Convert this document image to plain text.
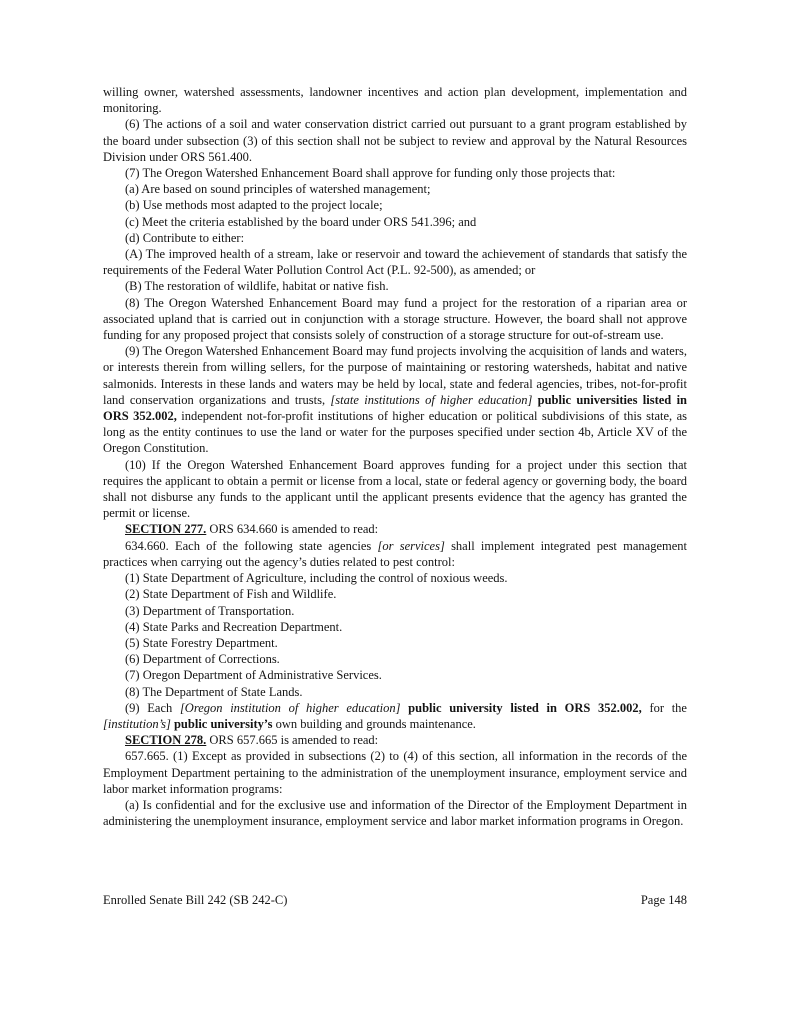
willing owner, watershed assessments, landowner incentives and action plan development, implementation and monitoring.

(6) The actions of a soil and water conservation district carried out pursuant to a grant program established by the board under subsection (3) of this section shall not be subject to review and approval by the Natural Resources Division under ORS 561.400.

(7) The Oregon Watershed Enhancement Board shall approve for funding only those projects that:

(a) Are based on sound principles of watershed management;

(b) Use methods most adapted to the project locale;

(c) Meet the criteria established by the board under ORS 541.396; and

(d) Contribute to either:

(A) The improved health of a stream, lake or reservoir and toward the achievement of standards that satisfy the requirements of the Federal Water Pollution Control Act (P.L. 92-500), as amended; or

(B) The restoration of wildlife, habitat or native fish.

(8) The Oregon Watershed Enhancement Board may fund a project for the restoration of a riparian area or associated upland that is carried out in conjunction with a storage structure. However, the board shall not approve funding for any proposed project that consists solely of construction of a storage structure for out-of-stream use.

(9) The Oregon Watershed Enhancement Board may fund projects involving the acquisition of lands and waters, or interests therein from willing sellers, for the purpose of maintaining or restoring watersheds, habitat and native salmonids. Interests in these lands and waters may be held by local, state and federal agencies, tribes, not-for-profit land conservation organizations and trusts, [state institutions of higher education] public universities listed in ORS 352.002, independent not-for-profit institutions of higher education or political subdivisions of this state, as long as the entity continues to use the land or water for the purposes specified under section 4b, Article XV of the Oregon Constitution.

(10) If the Oregon Watershed Enhancement Board approves funding for a project under this section that requires the applicant to obtain a permit or license from a local, state or federal agency or governing body, the board shall not disburse any funds to the applicant until the applicant presents evidence that the agency has granted the permit or license.

SECTION 277. ORS 634.660 is amended to read:

634.660. Each of the following state agencies [or services] shall implement integrated pest management practices when carrying out the agency’s duties related to pest control:

(1) State Department of Agriculture, including the control of noxious weeds.

(2) State Department of Fish and Wildlife.

(3) Department of Transportation.

(4) State Parks and Recreation Department.

(5) State Forestry Department.

(6) Department of Corrections.

(7) Oregon Department of Administrative Services.

(8) The Department of State Lands.

(9) Each [Oregon institution of higher education] public university listed in ORS 352.002, for the [institution’s] public university’s own building and grounds maintenance.

SECTION 278. ORS 657.665 is amended to read:

657.665. (1) Except as provided in subsections (2) to (4) of this section, all information in the records of the Employment Department pertaining to the administration of the unemployment insurance, employment service and labor market information programs:

(a) Is confidential and for the exclusive use and information of the Director of the Employment Department in administering the unemployment insurance, employment service and labor market information programs in Oregon.

Enrolled Senate Bill 242 (SB 242-C)	Page 148
